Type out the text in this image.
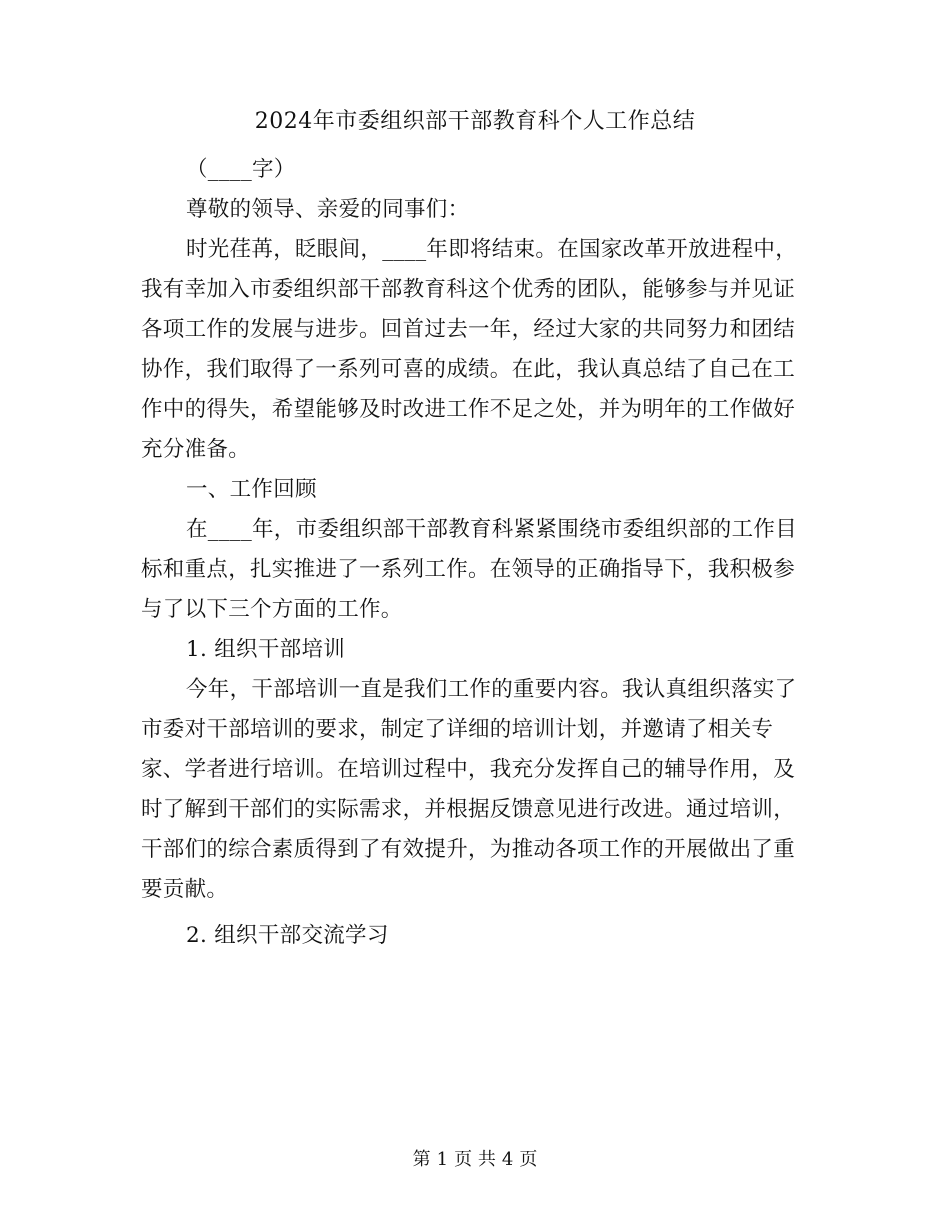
2024年市委组织部干部教育科个人工作总结

（____字）

尊敬的领导、亲爱的同事们：

时光荏苒，眨眼间，____年即将结束。在国家改革开放进程中，我有幸加入市委组织部干部教育科这个优秀的团队，能够参与并见证各项工作的发展与进步。回首过去一年，经过大家的共同努力和团结协作，我们取得了一系列可喜的成绩。在此，我认真总结了自己在工作中的得失，希望能够及时改进工作不足之处，并为明年的工作做好充分准备。

一、工作回顾

在____年，市委组织部干部教育科紧紧围绕市委组织部的工作目标和重点，扎实推进了一系列工作。在领导的正确指导下，我积极参与了以下三个方面的工作。

1. 组织干部培训

今年，干部培训一直是我们工作的重要内容。我认真组织落实了市委对干部培训的要求，制定了详细的培训计划，并邀请了相关专家、学者进行培训。在培训过程中，我充分发挥自己的辅导作用，及时了解到干部们的实际需求，并根据反馈意见进行改进。通过培训，干部们的综合素质得到了有效提升，为推动各项工作的开展做出了重要贡献。

2. 组织干部交流学习

第 1 页 共 4 页
